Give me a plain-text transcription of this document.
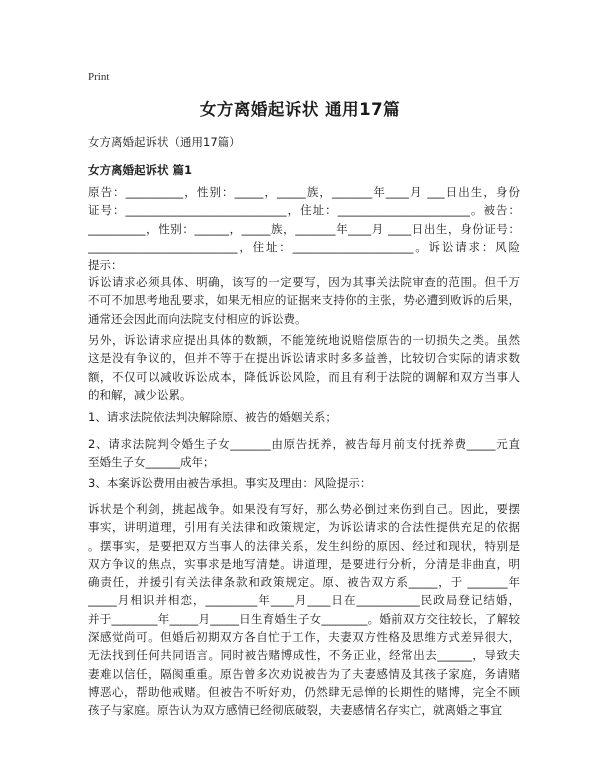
Print
女方离婚起诉状 通用17篇
女方离婚起诉状（通用17篇）
女方离婚起诉状 篇1
原告：__________，性别：_____，_____族，_______年____月 ___日出生，身份
证号：____________________________，住址：_______________________。被告：
__________，性别：______，_____族，_______年____月 ____日出生，身份证号：
__________________________，住址：_____________________。诉讼请求：风险
提示：
诉讼请求必须具体、明确，该写的一定要写，因为其事关法院审查的范围。但千万
不可不加思考地乱要求，如果无相应的证据来支持你的主张，势必遭到败诉的后果，
通常还会因此而向法院支付相应的诉讼费。
另外，诉讼请求应提出具体的数额，不能笼统地说赔偿原告的一切损失之类。虽然
这是没有争议的，但并不等于在提出诉讼请求时多多益善，比较切合实际的请求数
额，不仅可以减收诉讼成本，降低诉讼风险，而且有利于法院的调解和双方当事人
的和解，减少讼累。
1、请求法院依法判决解除原、被告的婚姻关系；
2、请求法院判令婚生子女_______由原告抚养，被告每月前支付抚养费_____元直
至婚生子女______成年；
3、本案诉讼费用由被告承担。事实及理由：风险提示：
诉状是个利剑，挑起战争。如果没有写好，那么势必倒过来伤到自己。因此，要摆
事实，讲明道理，引用有关法律和政策规定，为诉讼请求的合法性提供充足的依据
。摆事实，是要把双方当事人的法律关系，发生纠纷的原因、经过和现状，特别是
双方争议的焦点，实事求是地写清楚。讲道理，是要进行分析，分清是非曲直，明
确责任，并援引有关法律条款和政策规定。原、被告双方系_____，于 _______年
_____月相识并相恋，_________年____月____日在___________民政局登记结婚，
并于________年_____月_____日生育婚生子女________。婚前双方交往较长，了解较
深感觉尚可。但婚后初期双方各自忙于工作，夫妻双方性格及思维方式差异很大，
无法找到任何共同语言。同时被告赌博成性，不务正业，经常出去______，导致夫
妻难以信任，隔阂重重。原告曾多次劝说被告为了夫妻感情及其孩子家庭，务请赌
博恶心，帮助他戒赌。但被告不听好劝，仍然肆无忌惮的长期性的赌博，完全不顾
孩子与家庭。原告认为双方感情已经彻底破裂，夫妻感情名存实亡，就离婚之事宜
